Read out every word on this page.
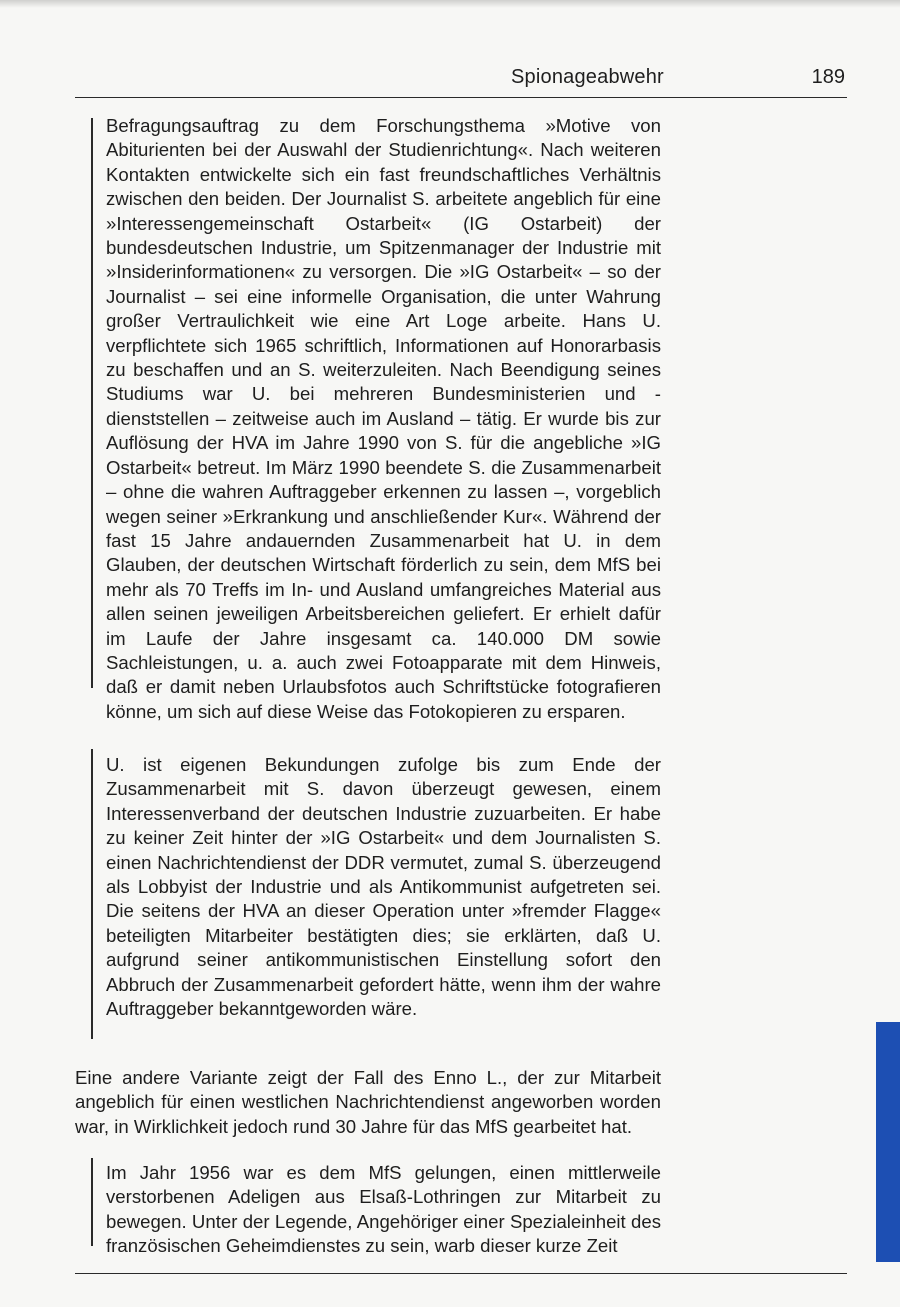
Spionageabwehr	189

Befragungsauftrag zu dem Forschungsthema »Motive von Abiturienten bei der Auswahl der Studienrichtung«. Nach weiteren Kontakten entwickelte sich ein fast freundschaftliches Verhältnis zwischen den beiden. Der Journalist S. arbeitete angeblich für eine »Interessengemeinschaft Ostarbeit« (IG Ostarbeit) der bundesdeutschen Industrie, um Spitzenmanager der Industrie mit »Insiderinformationen« zu versorgen. Die »IG Ostarbeit« – so der Journalist – sei eine informelle Organisation, die unter Wahrung großer Vertraulichkeit wie eine Art Loge arbeite. Hans U. verpflichtete sich 1965 schriftlich, Informationen auf Honorarbasis zu beschaffen und an S. weiterzuleiten. Nach Beendigung seines Studiums war U. bei mehreren Bundesministerien und -dienststellen – zeitweise auch im Ausland – tätig. Er wurde bis zur Auflösung der HVA im Jahre 1990 von S. für die angebliche »IG Ostarbeit« betreut. Im März 1990 beendete S. die Zusammenarbeit – ohne die wahren Auftraggeber erkennen zu lassen –, vorgeblich wegen seiner »Erkrankung und anschließender Kur«. Während der fast 15 Jahre andauernden Zusammenarbeit hat U. in dem Glauben, der deutschen Wirtschaft förderlich zu sein, dem MfS bei mehr als 70 Treffs im In- und Ausland umfangreiches Material aus allen seinen jeweiligen Arbeitsbereichen geliefert. Er erhielt dafür im Laufe der Jahre insgesamt ca. 140.000 DM sowie Sachleistungen, u. a. auch zwei Fotoapparate mit dem Hinweis, daß er damit neben Urlaubsfotos auch Schriftstücke fotografieren könne, um sich auf diese Weise das Fotokopieren zu ersparen.

U. ist eigenen Bekundungen zufolge bis zum Ende der Zusammenarbeit mit S. davon überzeugt gewesen, einem Interessenverband der deutschen Industrie zuzuarbeiten. Er habe zu keiner Zeit hinter der »IG Ostarbeit« und dem Journalisten S. einen Nachrichtendienst der DDR vermutet, zumal S. überzeugend als Lobbyist der Industrie und als Antikommunist aufgetreten sei. Die seitens der HVA an dieser Operation unter »fremder Flagge« beteiligten Mitarbeiter bestätigten dies; sie erklärten, daß U. aufgrund seiner antikommunistischen Einstellung sofort den Abbruch der Zusammenarbeit gefordert hätte, wenn ihm der wahre Auftraggeber bekanntgeworden wäre.

Eine andere Variante zeigt der Fall des Enno L., der zur Mitarbeit angeblich für einen westlichen Nachrichtendienst angeworben worden war, in Wirklichkeit jedoch rund 30 Jahre für das MfS gearbeitet hat.

Im Jahr 1956 war es dem MfS gelungen, einen mittlerweile verstorbenen Adeligen aus Elsaß-Lothringen zur Mitarbeit zu bewegen. Unter der Legende, Angehöriger einer Spezialeinheit des französischen Geheimdienstes zu sein, warb dieser kurze Zeit
